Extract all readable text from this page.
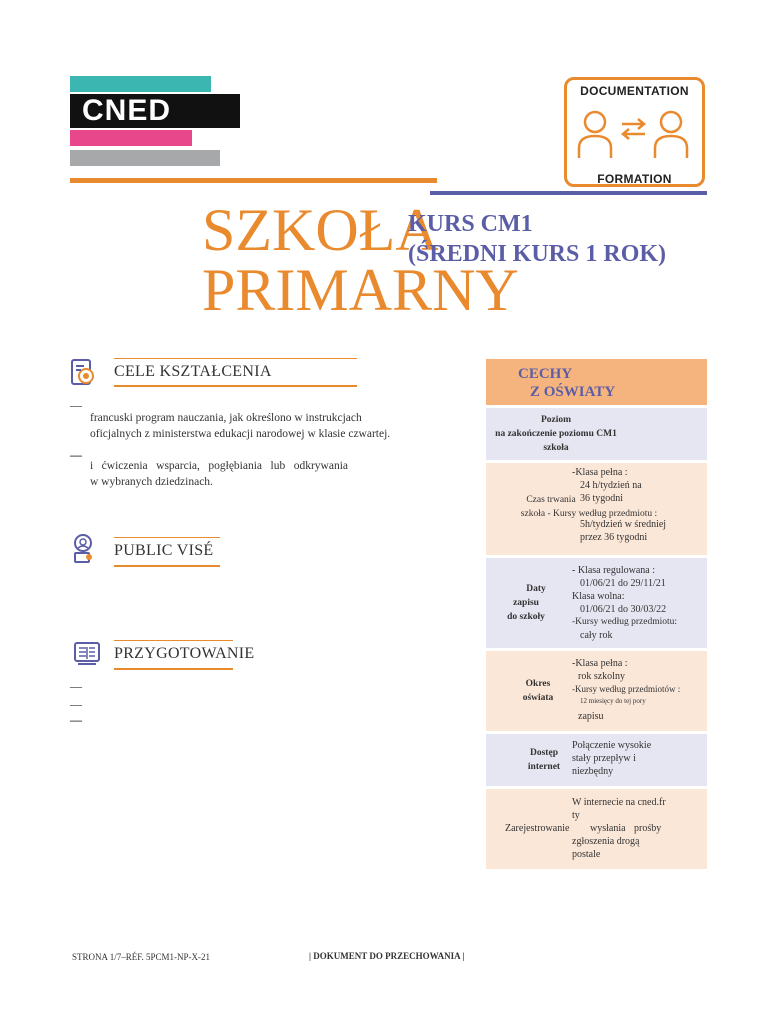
CNED
DOCUMENTATION
FORMATION
SZKOŁA
PRIMARNY
KURS CM1
(ŚREDNI KURS 1 ROK)
CELE KSZTAŁCENIA
—
francuski program nauczania, jak określono w instrukcjach
oficjalnych z ministerstwa edukacji narodowej w klasie czwartej.
—
i ćwiczenia wsparcia, pogłębiania lub odkrywania
w wybranych dziedzinach.
PUBLIC VISÉ
PRZYGOTOWANIE
—
—
—
CECHY
Z OŚWIATY
Poziom
na zakończenie poziomu CM1
szkoła
Czas trwania
szkoła - Kursy według przedmiotu :
-Klasa pełna :
24 h/tydzień na
36 tygodni
5h/tydzień w średniej
przez 36 tygodni
Daty
zapisu
do szkoły
- Klasa regulowana :
01/06/21 do 29/11/21
Klasa wolna:
01/06/21 do 30/03/22
-Kursy według przedmiotu:
cały rok
Okres
oświata
-Klasa pełna :
rok szkolny
-Kursy według przedmiotów :
12 miesięcy do tej pory
zapisu
Dostęp
internet
Połączenie wysokie
stały przepływ i
niezbędny
W internecie na cned.fr
ty
Zarejestrowanie wysłania prośby
zgłoszenia drogą
postale
STRONA 1/7–RÉF. 5PCM1-NP-X-21	| DOKUMENT DO PRZECHOWANIA |
